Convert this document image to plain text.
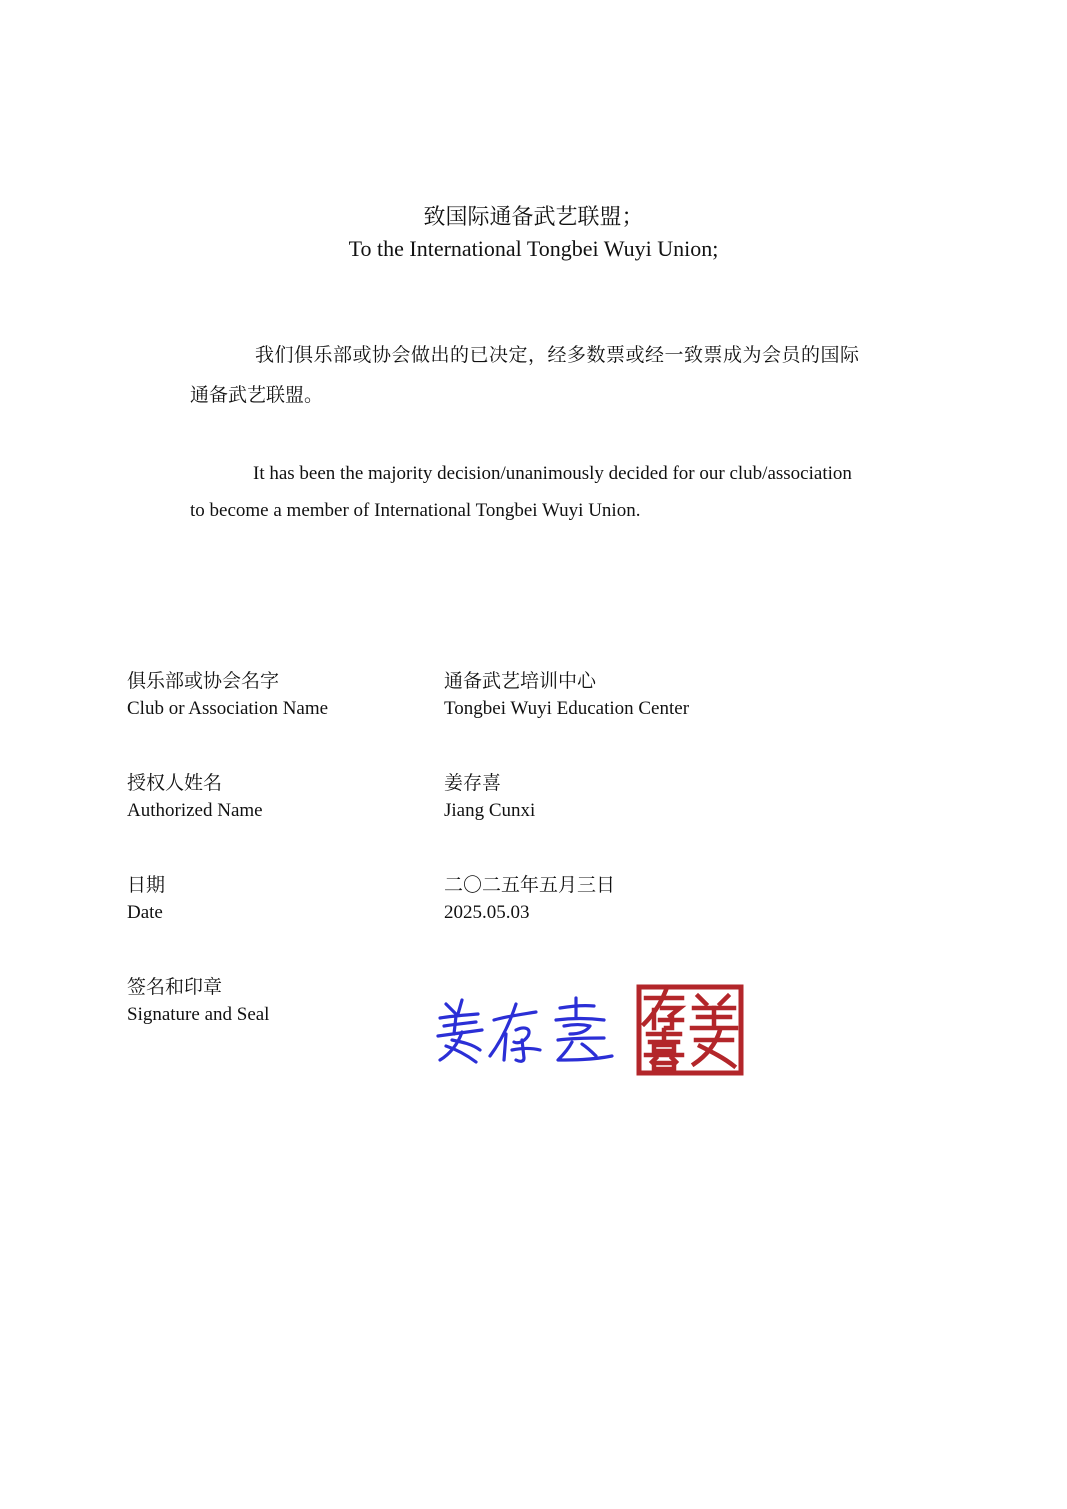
致国际通备武艺联盟；
To the International Tongbei Wuyi Union;
我们俱乐部或协会做出的已决定，经多数票或经一致票成为会员的国际
通备武艺联盟。
It has been the majority decision/unanimously decided for our club/association
to become a member of International Tongbei Wuyi Union.
俱乐部或协会名字
Club or Association Name
通备武艺培训中心
Tongbei Wuyi Education Center
授权人姓名
Authorized Name
姜存喜
Jiang Cunxi
日期
Date
二〇二五年五月三日
2025.05.03
签名和印章
Signature and Seal
